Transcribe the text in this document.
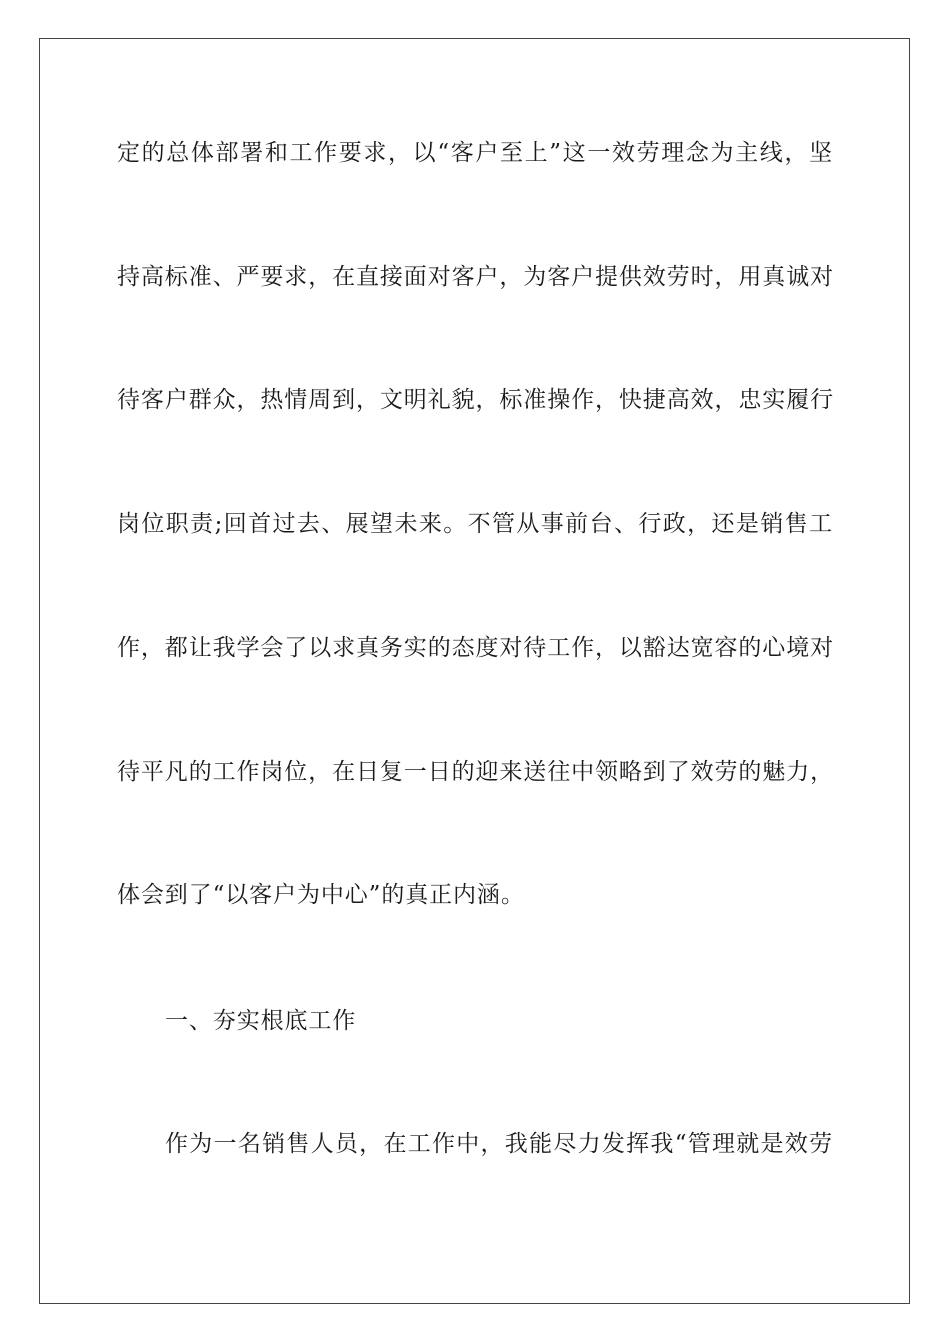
定的总体部署和工作要求，以“客户至上”这一效劳理念为主线，坚
持高标准、严要求，在直接面对客户，为客户提供效劳时，用真诚对
待客户群众，热情周到，文明礼貌，标准操作，快捷高效，忠实履行
岗位职责;回首过去、展望未来。不管从事前台、行政，还是销售工
作，都让我学会了以求真务实的态度对待工作，以豁达宽容的心境对
待平凡的工作岗位，在日复一日的迎来送往中领略到了效劳的魅力，
体会到了“以客户为中心”的真正内涵。
一、夯实根底工作
作为一名销售人员，在工作中，我能尽力发挥我“管理就是效劳
